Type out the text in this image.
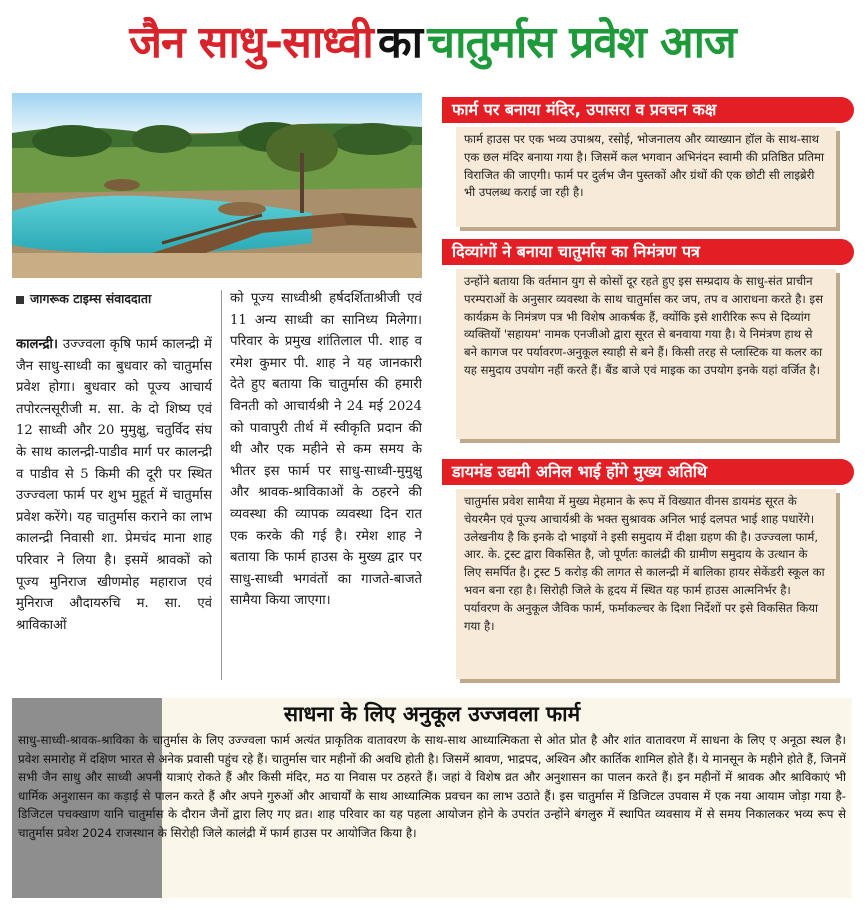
जैन साधु-साध्वी
का
चातुर्मास प्रवेश आज
जागरूक टाइम्स संवाददाता
कालन्द्री। उज्ज्वला कृषि फार्म कालन्द्री में जैन साधु-साध्वी का बुधवार को चातुर्मास प्रवेश होगा। बुधवार को पूज्य आचार्य तपोरत्नसूरीजी म. सा. के दो शिष्य एवं 12 साध्वी और 20 मुमुक्षु, चतुर्विद संघ के साथ कालन्द्री-पाडीव मार्ग पर कालन्द्री व पाडीव से 5 किमी की दूरी पर स्थित उज्ज्वला फार्म पर शुभ मुहूर्त में चातुर्मास प्रवेश करेंगे। यह चातुर्मास कराने का लाभ कालन्द्री निवासी शा. प्रेमचंद माना शाह परिवार ने लिया है। इसमें श्रावकों को पूज्य मुनिराज खीणमोह महाराज एवं मुनिराज औदायरुचि म. सा. एवं श्राविकाओं
को पूज्य साध्वीश्री हर्षदर्शिताश्रीजी एवं 11 अन्य साध्वी का सानिध्य मिलेगा। परिवार के प्रमुख शांतिलाल पी. शाह व रमेश कुमार पी. शाह ने यह जानकारी देते हुए बताया कि चातुर्मास की हमारी विनती को आचार्यश्री ने 24 मई 2024 को पावापुरी तीर्थ में स्वीकृति प्रदान की थी और एक महीने से कम समय के भीतर इस फार्म पर साधु-साध्वी-मुमुक्षु और श्रावक-श्राविकाओं के ठहरने की व्यवस्था की व्यापक व्यवस्था दिन रात एक करके की गई है। रमेश शाह ने बताया कि फार्म हाउस के मुख्य द्वार पर साधु-साध्वी भगवंतों का गाजते-बाजते सामैया किया जाएगा।
फार्म पर बनाया मंदिर, उपासरा व प्रवचन कक्ष
फार्म हाउस पर एक भव्य उपाश्रय, रसोई, भोजनालय और व्याख्यान हॉल के साथ-साथ एक छल मंदिर बनाया गया है। जिसमें कल भगवान अभिनंदन स्वामी की प्रतिष्ठित प्रतिमा विराजित की जाएगी। फार्म पर दुर्लभ जैन पुस्तकों और ग्रंथों की एक छोटी सी लाइब्रेरी भी उपलब्ध कराई जा रही है।
दिव्यांगों ने बनाया चातुर्मास का निमंत्रण पत्र
उन्होंने बताया कि वर्तमान युग से कोसों दूर रहते हुए इस सम्प्रदाय के साधु-संत प्राचीन परम्पराओं के अनुसार व्यवस्था के साथ चातुर्मास कर जप, तप व आराधना करते है। इस कार्यक्रम के निमंत्रण पत्र भी विशेष आकर्षक हैं, क्योंकि इसे शारीरिक रूप से दिव्यांग व्यक्तियों 'सहायम' नामक एनजीओ द्वारा सूरत से बनवाया गया है। ये निमंत्रण हाथ से बने कागज पर पर्यावरण-अनुकूल स्याही से बने हैं। किसी तरह से प्लास्टिक या कलर का यह समुदाय उपयोग नहीं करते हैं। बैंड बाजे एवं माइक का उपयोग इनके यहां वर्जित है।
डायमंड उद्यमी अनिल भाई होंगे मुख्य अतिथि
चातुर्मास प्रवेश सामैया में मुख्य मेहमान के रूप में विख्यात वीनस डायमंड सूरत के चेयरमैन एवं पूज्य आचार्यश्री के भक्त सुश्रावक अनिल भाई दलपत भाई शाह पधारेंगे। उलेखनीय है कि इनके दो भाइयों ने इसी समुदाय में दीक्षा ग्रहण की है। उज्ज्वला फार्म, आर. के. ट्रस्ट द्वारा विकसित है, जो पूर्णतः कालंद्री की ग्रामीण समुदाय के उत्थान के लिए समर्पित है। ट्रस्ट 5 करोड़ की लागत से कालन्द्री में बालिका हायर सेकेंडरी स्कूल का भवन बना रहा है। सिरोही जिले के हृदय में स्थित यह फार्म हाउस आत्मनिर्भर है। पर्यावरण के अनुकूल जैविक फार्म, फर्माकल्चर के दिशा निर्देशों पर इसे विकसित किया गया है।
साधना के लिए अनुकूल उज्जवला फार्म
साधु-साध्वी-श्रावक-श्राविका के चातुर्मास के लिए उज्ज्वला फार्म अत्यंत प्राकृतिक वातावरण के साथ-साथ आध्यात्मिकता से ओत प्रोत है और शांत वातावरण में साधना के लिए ए अनूठा स्थल है। प्रवेश समारोह में दक्षिण भारत से अनेक प्रवासी पहुंच रहे हैं। चातुर्मास चार महीनों की अवधि होती है। जिसमें श्रावण, भाद्रपद, अश्विन और कार्तिक शामिल होते हैं। ये मानसून के महीने होते हैं, जिनमें सभी जैन साधु और साध्वी अपनी यात्राएं रोकते हैं और किसी मंदिर, मठ या निवास पर ठहरते हैं। जहां वे विशेष व्रत और अनुशासन का पालन करते हैं। इन महीनों में श्रावक और श्राविकाएं भी धार्मिक अनुशासन का कड़ाई से पालन करते हैं और अपने गुरुओं और आचार्यों के साथ आध्यात्मिक प्रवचन का लाभ उठाते हैं। इस चातुर्मास में डिजिटल उपवास में एक नया आयाम जोड़ा गया है-डिजिटल पचक्खाण यानि चातुर्मास के दौरान जैनों द्वारा लिए गए व्रत। शाह परिवार का यह पहला आयोजन होने के उपरांत उन्होंने बंगलुरु में स्थापित व्यवसाय में से समय निकालकर भव्य रूप से चातुर्मास प्रवेश 2024 राजस्थान के सिरोही जिले कालंद्री में फार्म हाउस पर आयोजित किया है।
